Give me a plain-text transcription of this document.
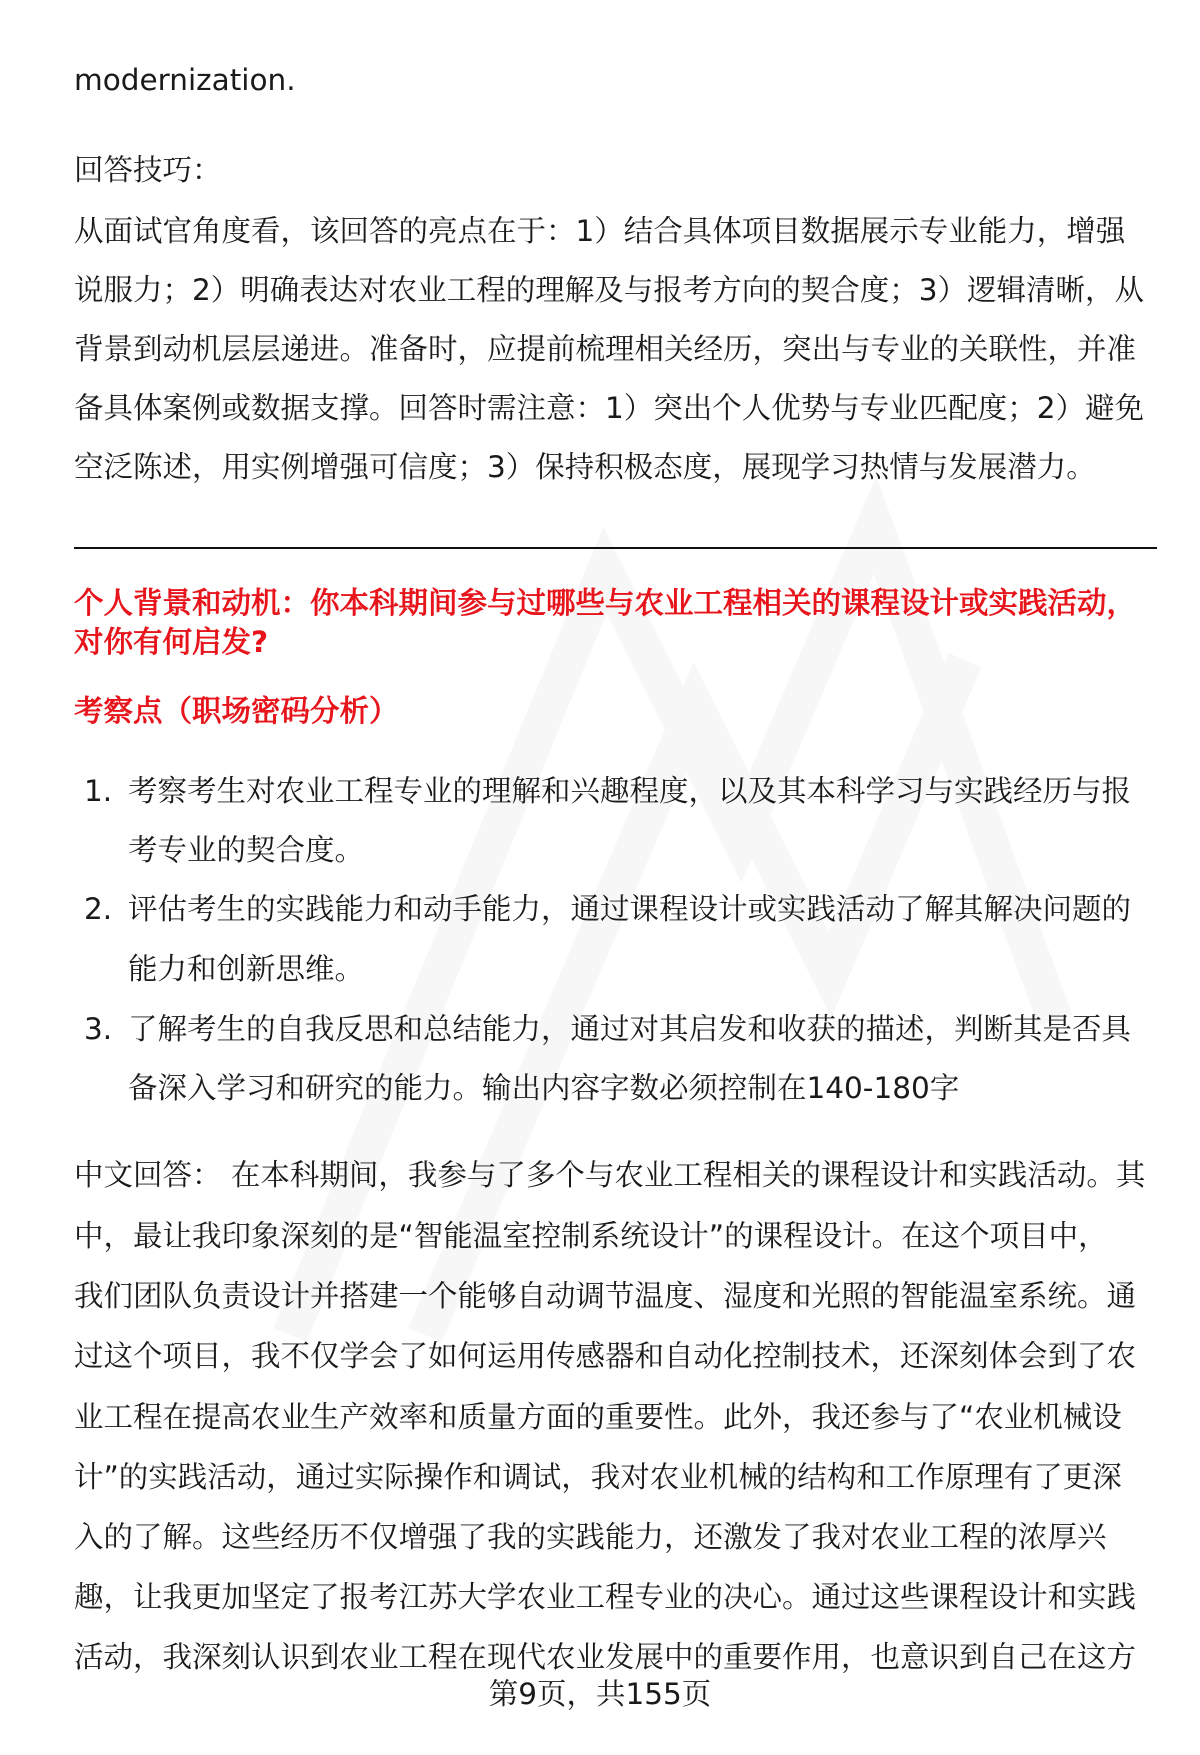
modernization.
回答技巧：
从面试官角度看，该回答的亮点在于：1）结合具体项目数据展示专业能力，增强
说服力；2）明确表达对农业工程的理解及与报考方向的契合度；3）逻辑清晰，从
背景到动机层层递进。准备时，应提前梳理相关经历，突出与专业的关联性，并准
备具体案例或数据支撑。回答时需注意：1）突出个人优势与专业匹配度；2）避免
空泛陈述，用实例增强可信度；3）保持积极态度，展现学习热情与发展潜力。
个人背景和动机：你本科期间参与过哪些与农业工程相关的课程设计或实践活动，
对你有何启发?
考察点（职场密码分析）
1. 考察考生对农业工程专业的理解和兴趣程度，以及其本科学习与实践经历与报
考专业的契合度。
2. 评估考生的实践能力和动手能力，通过课程设计或实践活动了解其解决问题的
能力和创新思维。
3. 了解考生的自我反思和总结能力，通过对其启发和收获的描述，判断其是否具
备深入学习和研究的能力。输出内容字数必须控制在140-180字
中文回答： 在本科期间，我参与了多个与农业工程相关的课程设计和实践活动。其
中，最让我印象深刻的是“智能温室控制系统设计”的课程设计。在这个项目中，
我们团队负责设计并搭建一个能够自动调节温度、湿度和光照的智能温室系统。通
过这个项目，我不仅学会了如何运用传感器和自动化控制技术，还深刻体会到了农
业工程在提高农业生产效率和质量方面的重要性。此外，我还参与了“农业机械设
计”的实践活动，通过实际操作和调试，我对农业机械的结构和工作原理有了更深
入的了解。这些经历不仅增强了我的实践能力，还激发了我对农业工程的浓厚兴
趣，让我更加坚定了报考江苏大学农业工程专业的决心。通过这些课程设计和实践
活动，我深刻认识到农业工程在现代农业发展中的重要作用，也意识到自己在这方
第9页，共155页
